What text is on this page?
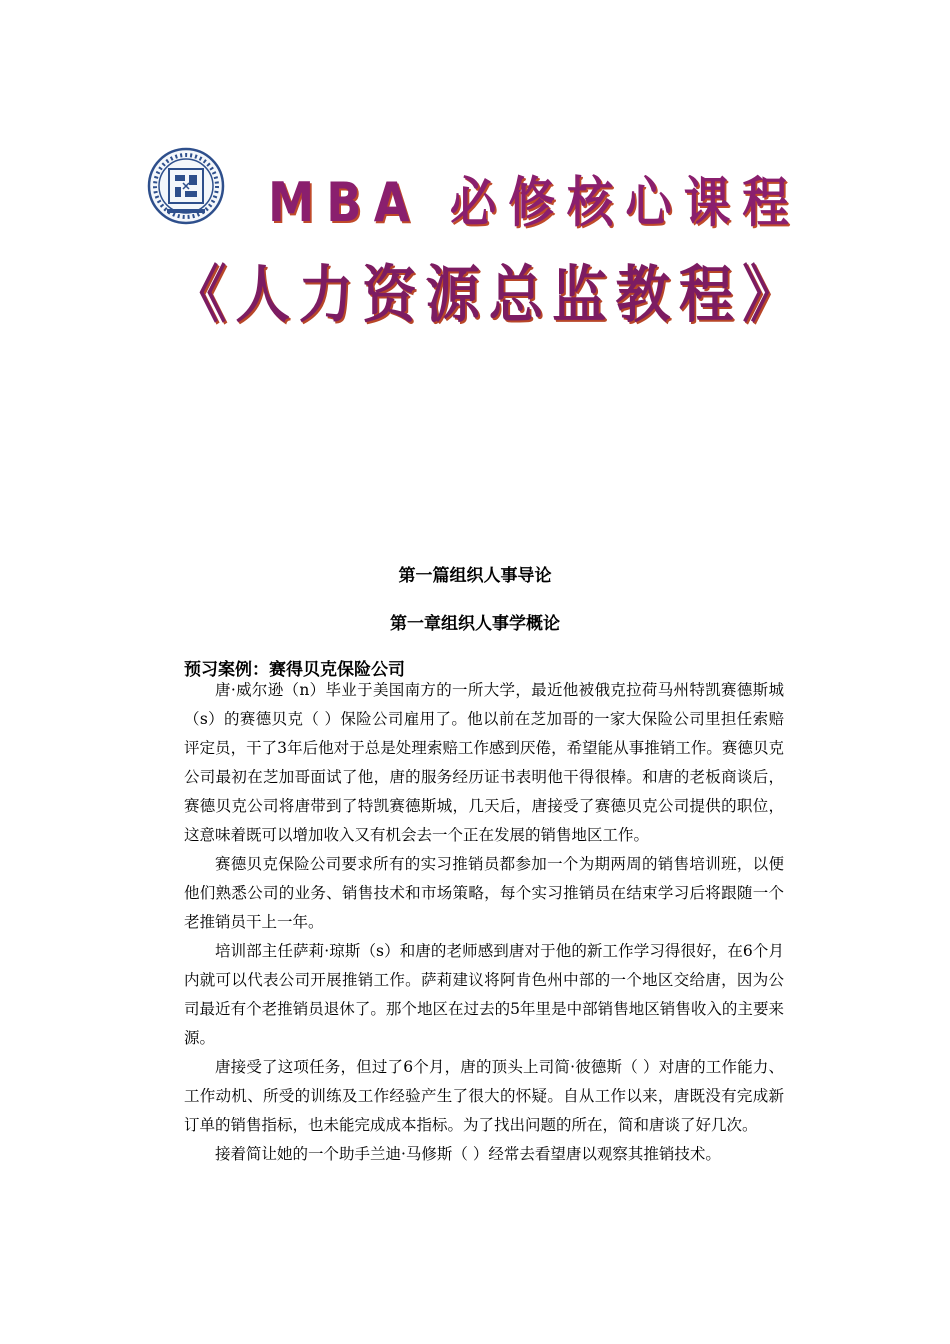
MBA 必修核心课程
《人力资源总监教程》
第一篇组织人事导论
第一章组织人事学概论
预习案例：赛得贝克保险公司

唐·威尔逊（n）毕业于美国南方的一所大学，最近他被俄克拉荷马州特凯赛德斯城（s）的赛德贝克（ ）保险公司雇用了。他以前在芝加哥的一家大保险公司里担任索赔评定员，干了3年后他对于总是处理索赔工作感到厌倦，希望能从事推销工作。赛德贝克公司最初在芝加哥面试了他，唐的服务经历证书表明他干得很棒。和唐的老板商谈后，赛德贝克公司将唐带到了特凯赛德斯城，几天后，唐接受了赛德贝克公司提供的职位，这意味着既可以增加收入又有机会去一个正在发展的销售地区工作。

赛德贝克保险公司要求所有的实习推销员都参加一个为期两周的销售培训班，以便他们熟悉公司的业务、销售技术和市场策略，每个实习推销员在结束学习后将跟随一个老推销员干上一年。

培训部主任萨莉·琼斯（s）和唐的老师感到唐对于他的新工作学习得很好，在6个月内就可以代表公司开展推销工作。萨莉建议将阿肯色州中部的一个地区交给唐，因为公司最近有个老推销员退休了。那个地区在过去的5年里是中部销售地区销售收入的主要来源。

唐接受了这项任务，但过了6个月，唐的顶头上司简·彼德斯（ ）对唐的工作能力、工作动机、所受的训练及工作经验产生了很大的怀疑。自从工作以来，唐既没有完成新订单的销售指标，也未能完成成本指标。为了找出问题的所在，简和唐谈了好几次。

接着简让她的一个助手兰迪·马修斯（ ）经常去看望唐以观察其推销技术。
